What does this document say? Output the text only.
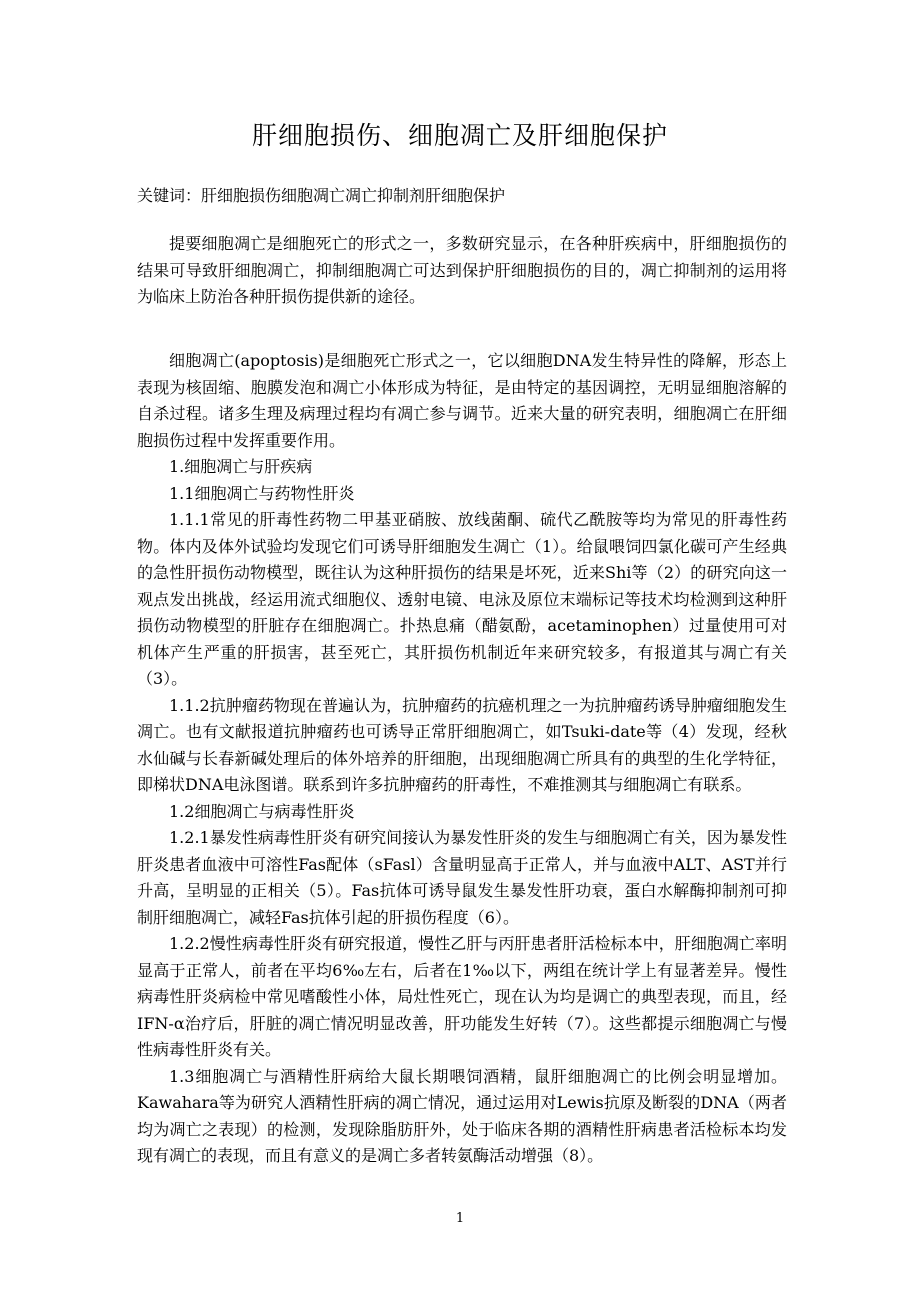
肝细胞损伤、细胞凋亡及肝细胞保护

关键词：肝细胞损伤细胞凋亡凋亡抑制剂肝细胞保护

提要细胞凋亡是细胞死亡的形式之一，多数研究显示，在各种肝疾病中，肝细胞损伤的结果可导致肝细胞凋亡，抑制细胞凋亡可达到保护肝细胞损伤的目的，凋亡抑制剂的运用将为临床上防治各种肝损伤提供新的途径。

细胞凋亡(apoptosis)是细胞死亡形式之一，它以细胞DNA发生特异性的降解，形态上表现为核固缩、胞膜发泡和凋亡小体形成为特征，是由特定的基因调控，无明显细胞溶解的自杀过程。诸多生理及病理过程均有凋亡参与调节。近来大量的研究表明，细胞凋亡在肝细胞损伤过程中发挥重要作用。

1.细胞凋亡与肝疾病

1.1细胞凋亡与药物性肝炎

1.1.1常见的肝毒性药物二甲基亚硝胺、放线菌酮、硫代乙酰胺等均为常见的肝毒性药物。体内及体外试验均发现它们可诱导肝细胞发生凋亡（1）。给鼠喂饲四氯化碳可产生经典的急性肝损伤动物模型，既往认为这种肝损伤的结果是坏死，近来Shi等（2）的研究向这一观点发出挑战，经运用流式细胞仪、透射电镜、电泳及原位末端标记等技术均检测到这种肝损伤动物模型的肝脏存在细胞凋亡。扑热息痛（醋氨酚，acetaminophen）过量使用可对机体产生严重的肝损害，甚至死亡，其肝损伤机制近年来研究较多，有报道其与凋亡有关（3）。

1.1.2抗肿瘤药物现在普遍认为，抗肿瘤药的抗癌机理之一为抗肿瘤药诱导肿瘤细胞发生凋亡。也有文献报道抗肿瘤药也可诱导正常肝细胞凋亡，如Tsuki-date等（4）发现，经秋水仙碱与长春新碱处理后的体外培养的肝细胞，出现细胞凋亡所具有的典型的生化学特征，即梯状DNA电泳图谱。联系到许多抗肿瘤药的肝毒性，不难推测其与细胞凋亡有联系。

1.2细胞凋亡与病毒性肝炎

1.2.1暴发性病毒性肝炎有研究间接认为暴发性肝炎的发生与细胞凋亡有关，因为暴发性肝炎患者血液中可溶性Fas配体（sFasl）含量明显高于正常人，并与血液中ALT、AST并行升高，呈明显的正相关（5）。Fas抗体可诱导鼠发生暴发性肝功衰，蛋白水解酶抑制剂可抑制肝细胞凋亡，减轻Fas抗体引起的肝损伤程度（6）。

1.2.2慢性病毒性肝炎有研究报道，慢性乙肝与丙肝患者肝活检标本中，肝细胞凋亡率明显高于正常人，前者在平均6‰左右，后者在1‰以下，两组在统计学上有显著差异。慢性病毒性肝炎病检中常见嗜酸性小体，局灶性死亡，现在认为均是调亡的典型表现，而且，经IFN-α治疗后，肝脏的凋亡情况明显改善，肝功能发生好转（7）。这些都提示细胞凋亡与慢性病毒性肝炎有关。

1.3细胞凋亡与酒精性肝病给大鼠长期喂饲酒精，鼠肝细胞凋亡的比例会明显增加。Kawahara等为研究人酒精性肝病的凋亡情况，通过运用对Lewis抗原及断裂的DNA（两者均为凋亡之表现）的检测，发现除脂肪肝外，处于临床各期的酒精性肝病患者活检标本均发现有凋亡的表现，而且有意义的是凋亡多者转氨酶活动增强（8）。

1
